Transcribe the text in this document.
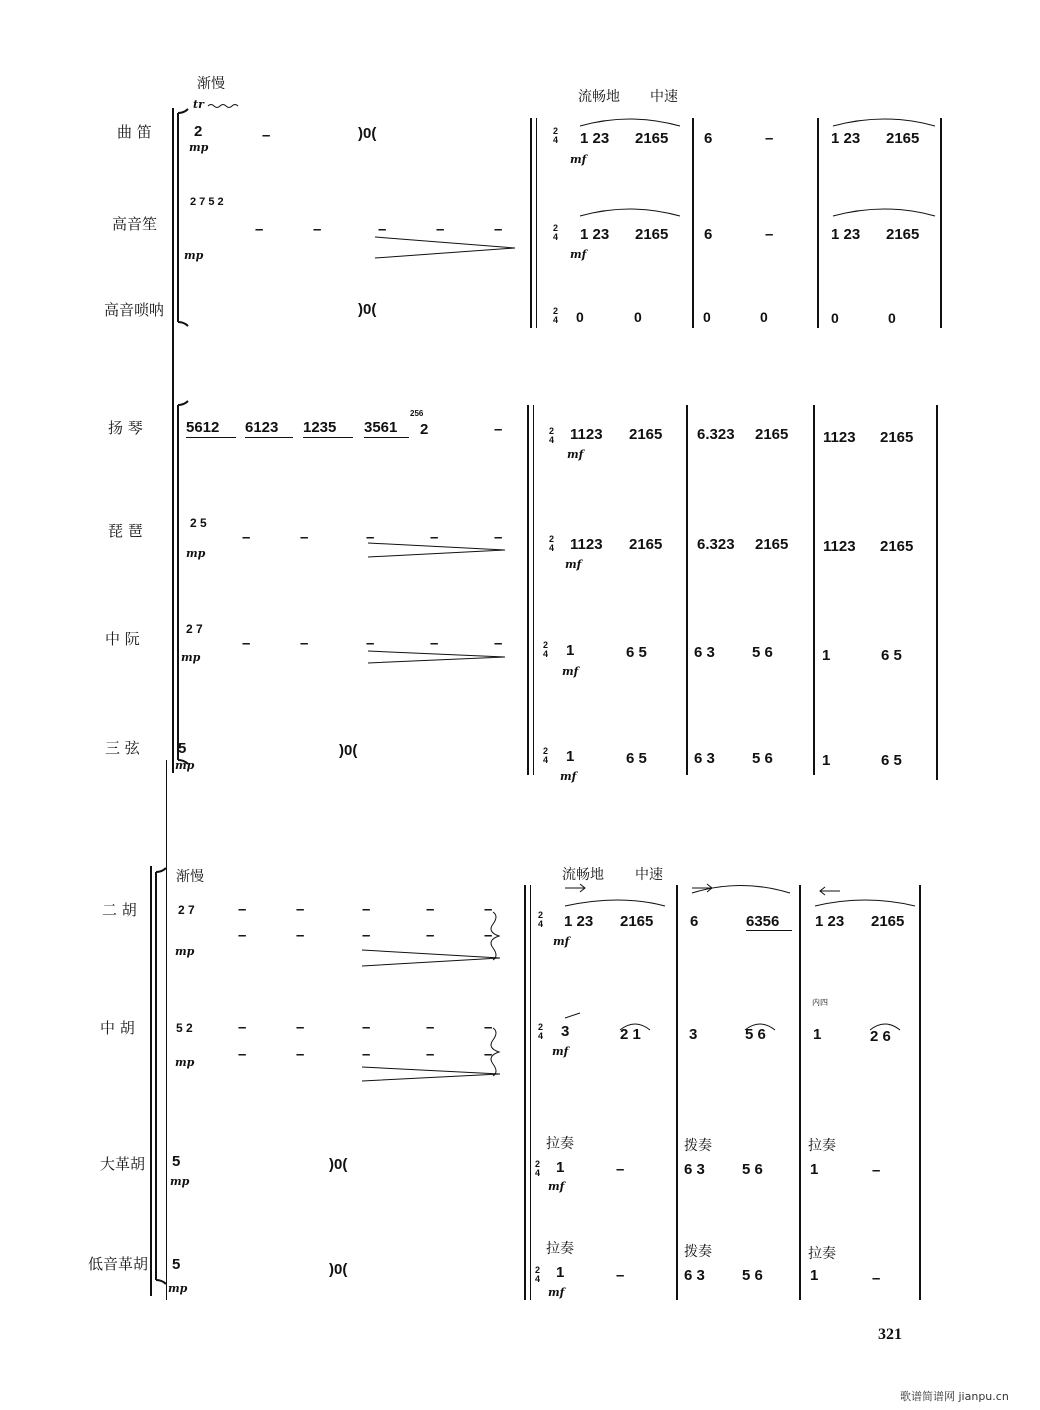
渐慢
流畅地 中速
渐慢	流畅地 中速
曲 笛
高音笙
高音唢呐
扬 琴
琵 琶
中 阮
三 弦
二 胡
中 胡
大革胡
低音革胡
tr
2
mp
–	)0(	2
4 1 23 2165
mf
6	–	1 23 2165
2 7 5 2
mp
–	–	–	–	–	2
4 1 23 2165
mf
6	–	1 23 2165
)0(	2
4 0	0	0	0	0	0
5612 6123 1235 3561
256
2	–	2
4 1123 2165
mf
6.323 2165 1123 2165
2 5
mp
–	–	–	–	–	2
4 1123 2165
mf
6.323 2165 1123 2165
2 7
mp
–	–	–	–	–	2
4 1
mf
6 5	6 3 5 6	1	6 5
5
mp
)0(	2
4 1
mf
6 5	6 3 5 6	1	6 5
2 7
mp
–	–	–	–	–
–	–	–	–	–
2
4 1 23 2165
mf
6	6356 1 23 2165
5 2
mp
–	–	–	–	–
–	–	–	–	–
2
4 3
mf
2 1	3	5 6
内四
1	2 6
5
mp
)0(
拉奏
2
4 1
mf
–
拨奏
6 3 5 6
拉奏
1	–
5
mp
)0(
拉奏
2
4 1
mf
–
拨奏
6 3 5 6
拉奏
1	–
321
歌谱简谱网 jianpu.cn
